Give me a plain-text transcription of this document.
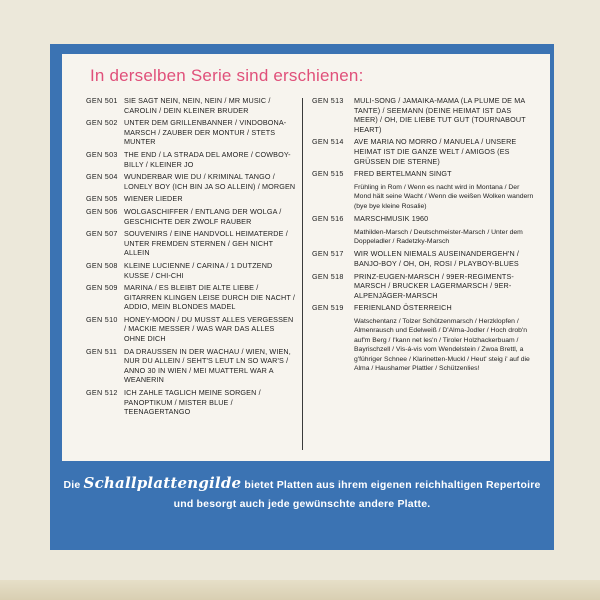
In derselben Serie sind erschienen:
GEN 501 SIE SAGT NEIN, NEIN, NEIN / MR MUSIC / CAROLIN / DEIN KLEINER BRUDER
GEN 502 UNTER DEM GRILLENBANNER / VINDOBONA-MARSCH / ZAUBER DER MONTUR / STETS MUNTER
GEN 503 THE END / LA STRADA DEL AMORE / COWBOY-BILLY / KLEINER JO
GEN 504 WUNDERBAR WIE DU / KRIMINAL TANGO / LONELY BOY (ICH BIN JA SO ALLEIN) / MORGEN
GEN 505 WIENER LIEDER
GEN 506 WOLGASCHIFFER / ENTLANG DER WOLGA / GESCHICHTE DER ZWOLF RAUBER
GEN 507 SOUVENIRS / EINE HANDVOLL HEIMATERDE / UNTER FREMDEN STERNEN / GEH NICHT ALLEIN
GEN 508 KLEINE LUCIENNE / CARINA / 1 DUTZEND KUSSE / CHI-CHI
GEN 509 MARINA / ES BLEIBT DIE ALTE LIEBE / GITARREN KLINGEN LEISE DURCH DIE NACHT / ADDIO, MEIN BLONDES MADEL
GEN 510 HONEY-MOON / DU MUSST ALLES VERGESSEN / MACKIE MESSER / WAS WAR DAS ALLES OHNE DICH
GEN 511 DA DRAUSSEN IN DER WACHAU / WIEN, WIEN, NUR DU ALLEIN / SEHT'S LEUT LN SO WAR'S / ANNO 30 IN WIEN / MEI MUATTERL WAR A WEANERIN
GEN 512 ICH ZAHLE TAGLICH MEINE SORGEN / PANOPTIKUM / MISTER BLUE / TEENAGERTANGO
GEN 513 MULI-SONG / JAMAIKA-MAMA (LA PLUME DE MA TANTE) / SEEMANN (DEINE HEIMAT IST DAS MEER) / OH, DIE LIEBE TUT GUT (TOURNABOUT HEART)
GEN 514 AVE MARIA NO MORRO / MANUELA / UNSERE HEIMAT IST DIE GANZE WELT / AMIGOS (ES GRÜSSEN DIE STERNE)
GEN 515 FRED BERTELMANN SINGT
Frühling in Rom / Wenn es nacht wird in Montana / Der Mond hält seine Wacht / Wenn die weißen Wolken wandern (bye bye kleine Rosalie)
GEN 516 MARSCHMUSIK 1960
Mathilden-Marsch / Deutschmeister-Marsch / Unter dem Doppeladler / Radetzky-Marsch
GEN 517 WIR WOLLEN NIEMALS AUSEINANDERGEH'N / BANJO-BOY / OH, OH, ROSI / PLAYBOY-BLUES
GEN 518 PRINZ-EUGEN-MARSCH / 99ER-REGIMENTS-MARSCH / BRUCKER LAGERMARSCH / 9ER-ALPENJÄGER-MARSCH
GEN 519 FERIENLAND ÖSTERREICH
Watschentanz / Tolzer Schützenmarsch / Herzklopfen / Almenrausch und Edelweiß / D'Alma-Jodler / Hoch drob'n auf'm Berg / I'kann net les'n / Tiroler Holzhackerbuam / Bayrischzell / Vis-á-vis vom Wendelstein / Zwoa Brettl, a g'führiger Schnee / Klarinetten-Muckl / Heut' steig i' auf die Alma / Haushamer Plattler / Schützenlies!
Die Schallplattengilde bietet Platten aus ihrem eigenen reichhaltigen Repertoire und besorgt auch jede gewünschte andere Platte.
